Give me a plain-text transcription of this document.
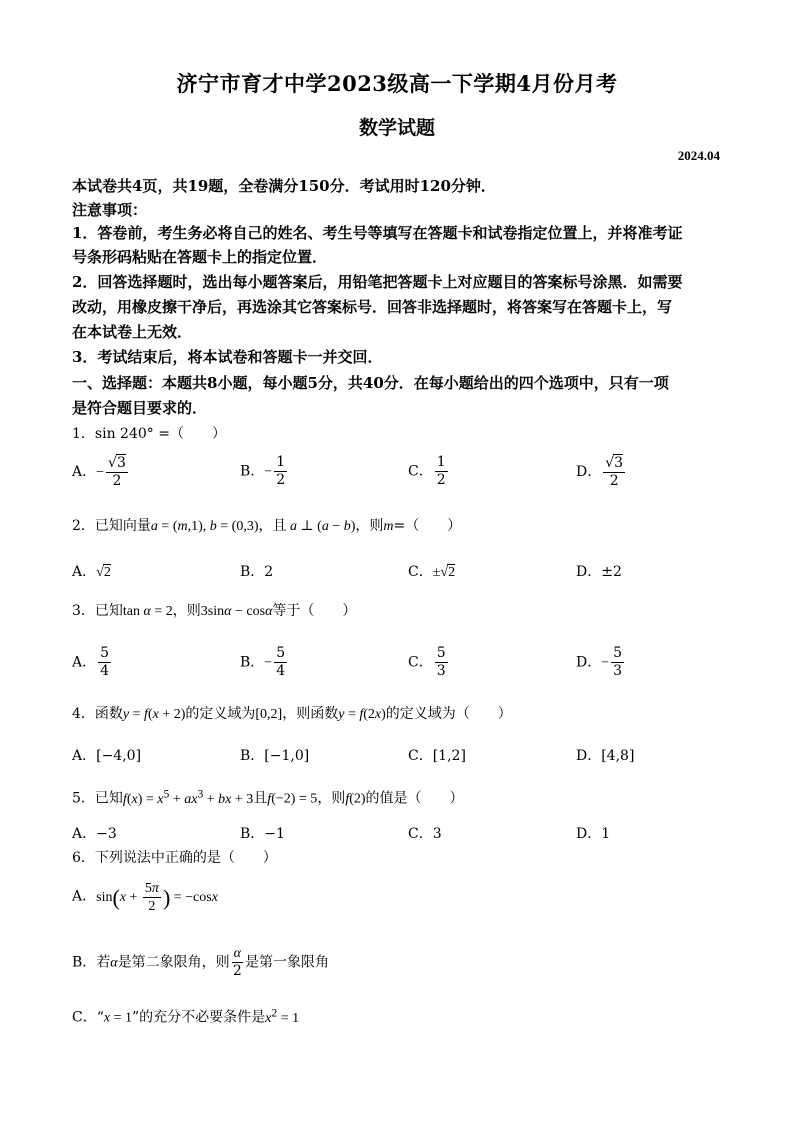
济宁市育才中学2023级高一下学期4月份月考
数学试题
2024.04
本试卷共4页，共19题，全卷满分150分．考试用时120分钟．
注意事项：
1．答卷前，考生务必将自己的姓名、考生号等填写在答题卡和试卷指定位置上，并将准考证
号条形码粘贴在答题卡上的指定位置．
2．回答选择题时，选出每小题答案后，用铅笔把答题卡上对应题目的答案标号涂黑．如需要
改动，用橡皮擦干净后，再选涂其它答案标号．回答非选择题时，将答案写在答题卡上，写
在本试卷上无效．
3．考试结束后，将本试卷和答题卡一并交回．
一、选择题：本题共8小题，每小题5分，共40分．在每小题给出的四个选项中，只有一项
是符合题目要求的．
1．sin 240° =（　　）
A．− $\frac{√3}{2}$	B．− $\frac{1}{2}$	C． $\frac{1}{2}$	D． $\frac{√3}{2}$
2．已知向量a = (m,1), b = (0,3)，且 a ⊥ (a − b)，则m=（　　）
A．√2	B．2	C．±√2	D．±2
3．已知tan α = 2，则3sinα − cosα等于（　　）
A． $\frac{5}{4}$	B．− $\frac{5}{4}$	C． $\frac{5}{3}$	D．− $\frac{5}{3}$
4．函数y = f(x + 2)的定义域为[0,2]，则函数y = f(2x)的定义域为（　　）
A．[−4,0]	B．[−1,0]	C．[1,2]	D．[4,8]
5．已知$f(x) = x^5 + ax^3$ + bx + 3且f(−2) = 5，则f(2)的值是（　　）
A．−3	B．−1	C．3	D．1
6．下列说法中正确的是（　　）
A．$\sin(x + \frac{5\pi}{2}$ ) = −cosx
B．若α是第二象限角，则 $\frac{\alpha}{2}$ 是第一象限角
C．“x = 1”的充分不必要条件是$x^2 = 1$
